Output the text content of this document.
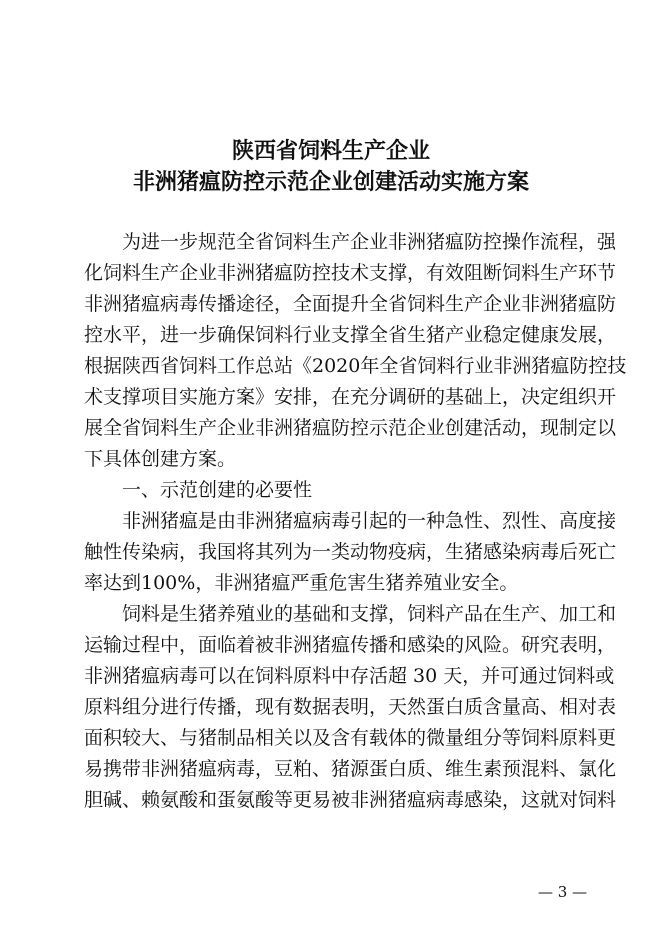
陕西省饲料生产企业
非洲猪瘟防控示范企业创建活动实施方案
为进一步规范全省饲料生产企业非洲猪瘟防控操作流程，强
化饲料生产企业非洲猪瘟防控技术支撑，有效阻断饲料生产环节
非洲猪瘟病毒传播途径，全面提升全省饲料生产企业非洲猪瘟防
控水平，进一步确保饲料行业支撑全省生猪产业稳定健康发展，
根据陕西省饲料工作总站《2020年全省饲料行业非洲猪瘟防控技
术支撑项目实施方案》安排，在充分调研的基础上，决定组织开
展全省饲料生产企业非洲猪瘟防控示范企业创建活动，现制定以
下具体创建方案。
一、示范创建的必要性
非洲猪瘟是由非洲猪瘟病毒引起的一种急性、烈性、高度接
触性传染病，我国将其列为一类动物疫病，生猪感染病毒后死亡
率达到100%，非洲猪瘟严重危害生猪养殖业安全。
饲料是生猪养殖业的基础和支撑，饲料产品在生产、加工和
运输过程中，面临着被非洲猪瘟传播和感染的风险。研究表明，
非洲猪瘟病毒可以在饲料原料中存活超 30 天，并可通过饲料或
原料组分进行传播，现有数据表明，天然蛋白质含量高、相对表
面积较大、与猪制品相关以及含有载体的微量组分等饲料原料更
易携带非洲猪瘟病毒，豆粕、猪源蛋白质、维生素预混料、氯化
胆碱、赖氨酸和蛋氨酸等更易被非洲猪瘟病毒感染，这就对饲料
— 3 —
